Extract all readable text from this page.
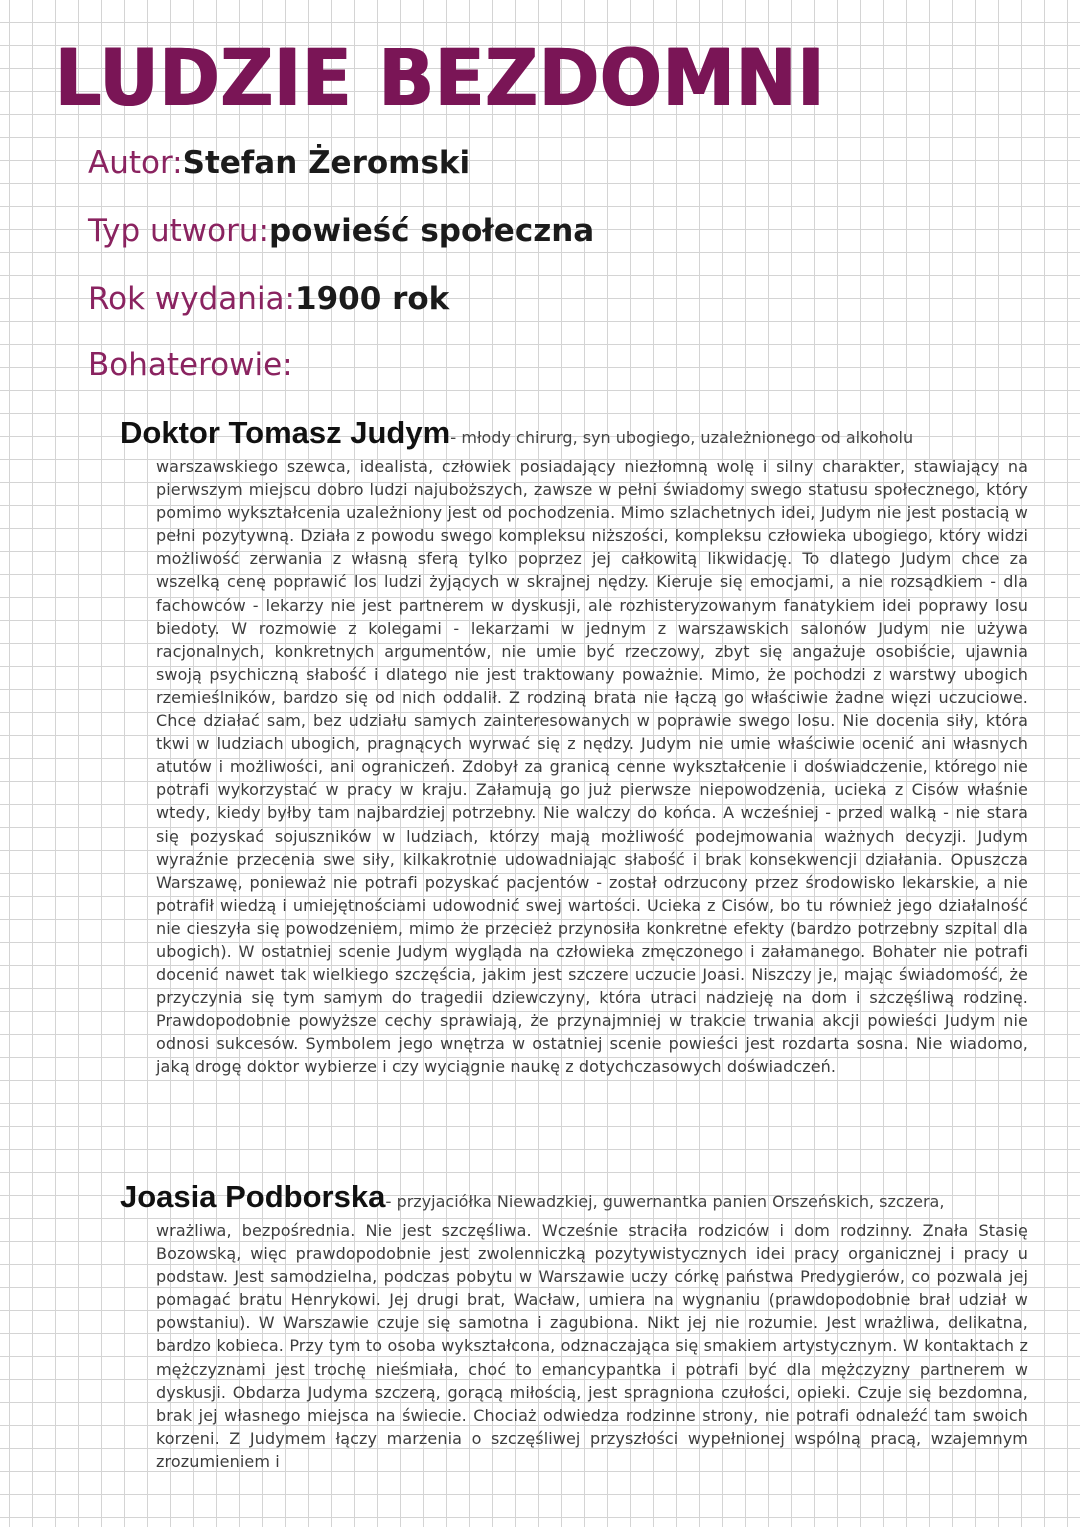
LUDZIE BEZDOMNI
Autor:Stefan Żeromski
Typ utworu:powieść społeczna
Rok wydania:1900 rok
Bohaterowie:
Doktor Tomasz Judym- młody chirurg, syn ubogiego, uzależnionego od alkoholu

warszawskiego szewca, idealista, człowiek posiadający niezłomną wolę i silny charakter, stawiający na pierwszym miejscu dobro ludzi najuboższych, zawsze w pełni świadomy swego statusu społecznego, który pomimo wykształcenia uzależniony jest od pochodzenia. Mimo szlachetnych idei, Judym nie jest postacią w pełni pozytywną. Działa z powodu swego kompleksu niższości, kompleksu człowieka ubogiego, który widzi możliwość zerwania z własną sferą tylko poprzez jej całkowitą likwidację. To dlatego Judym chce za wszelką cenę poprawić los ludzi żyjących w skrajnej nędzy. Kieruje się emocjami, a nie rozsądkiem - dla fachowców - lekarzy nie jest partnerem w dyskusji, ale rozhisteryzowanym fanatykiem idei poprawy losu biedoty. W rozmowie z kolegami - lekarzami w jednym z warszawskich salonów Judym nie używa racjonalnych, konkretnych argumentów, nie umie być rzeczowy, zbyt się angażuje osobiście, ujawnia swoją psychiczną słabość i dlatego nie jest traktowany poważnie. Mimo, że pochodzi z warstwy ubogich rzemieślników, bardzo się od nich oddalił. Z rodziną brata nie łączą go właściwie żadne więzi uczuciowe. Chce działać sam, bez udziału samych zainteresowanych w poprawie swego losu. Nie docenia siły, która tkwi w ludziach ubogich, pragnących wyrwać się z nędzy. Judym nie umie właściwie ocenić ani własnych atutów i możliwości, ani ograniczeń. Zdobył za granicą cenne wykształcenie i doświadczenie, którego nie potrafi wykorzystać w pracy w kraju. Załamują go już pierwsze niepowodzenia, ucieka z Cisów właśnie wtedy, kiedy byłby tam najbardziej potrzebny. Nie walczy do końca. A wcześniej - przed walką - nie stara się pozyskać sojuszników w ludziach, którzy mają możliwość podejmowania ważnych decyzji. Judym wyraźnie przecenia swe siły, kilkakrotnie udowadniając słabość i brak konsekwencji działania. Opuszcza Warszawę, ponieważ nie potrafi pozyskać pacjentów - został odrzucony przez środowisko lekarskie, a nie potrafił wiedzą i umiejętnościami udowodnić swej wartości. Ucieka z Cisów, bo tu również jego działalność nie cieszyła się powodzeniem, mimo że przecież przynosiła konkretne efekty (bardzo potrzebny szpital dla ubogich). W ostatniej scenie Judym wygląda na człowieka zmęczonego i załamanego. Bohater nie potrafi docenić nawet tak wielkiego szczęścia, jakim jest szczere uczucie Joasi. Niszczy je, mając świadomość, że przyczynia się tym samym do tragedii dziewczyny, która utraci nadzieję na dom i szczęśliwą rodzinę. Prawdopodobnie powyższe cechy sprawiają, że przynajmniej w trakcie trwania akcji powieści Judym nie odnosi sukcesów. Symbolem jego wnętrza w ostatniej scenie powieści jest rozdarta sosna. Nie wiadomo, jaką drogę doktor wybierze i czy wyciągnie naukę z dotychczasowych doświadczeń.

Joasia Podborska- przyjaciółka Niewadzkiej, guwernantka panien Orszeńskich, szczera,

wrażliwa, bezpośrednia. Nie jest szczęśliwa. Wcześnie straciła rodziców i dom rodzinny. Znała Stasię Bozowską, więc prawdopodobnie jest zwolenniczką pozytywistycznych idei pracy organicznej i pracy u podstaw. Jest samodzielna, podczas pobytu w Warszawie uczy córkę państwa Predygierów, co pozwala jej pomagać bratu Henrykowi. Jej drugi brat, Wacław, umiera na wygnaniu (prawdopodobnie brał udział w powstaniu). W Warszawie czuje się samotna i zagubiona. Nikt jej nie rozumie. Jest wrażliwa, delikatna, bardzo kobieca. Przy tym to osoba wykształcona, odznaczająca się smakiem artystycznym. W kontaktach z mężczyznami jest trochę nieśmiała, choć to emancypantka i potrafi być dla mężczyzny partnerem w dyskusji. Obdarza Judyma szczerą, gorącą miłością, jest spragniona czułości, opieki. Czuje się bezdomna, brak jej własnego miejsca na świecie. Chociaż odwiedza rodzinne strony, nie potrafi odnaleźć tam swoich korzeni. Z Judymem łączy marzenia o szczęśliwej przyszłości wypełnionej wspólną pracą, wzajemnym zrozumieniem i
